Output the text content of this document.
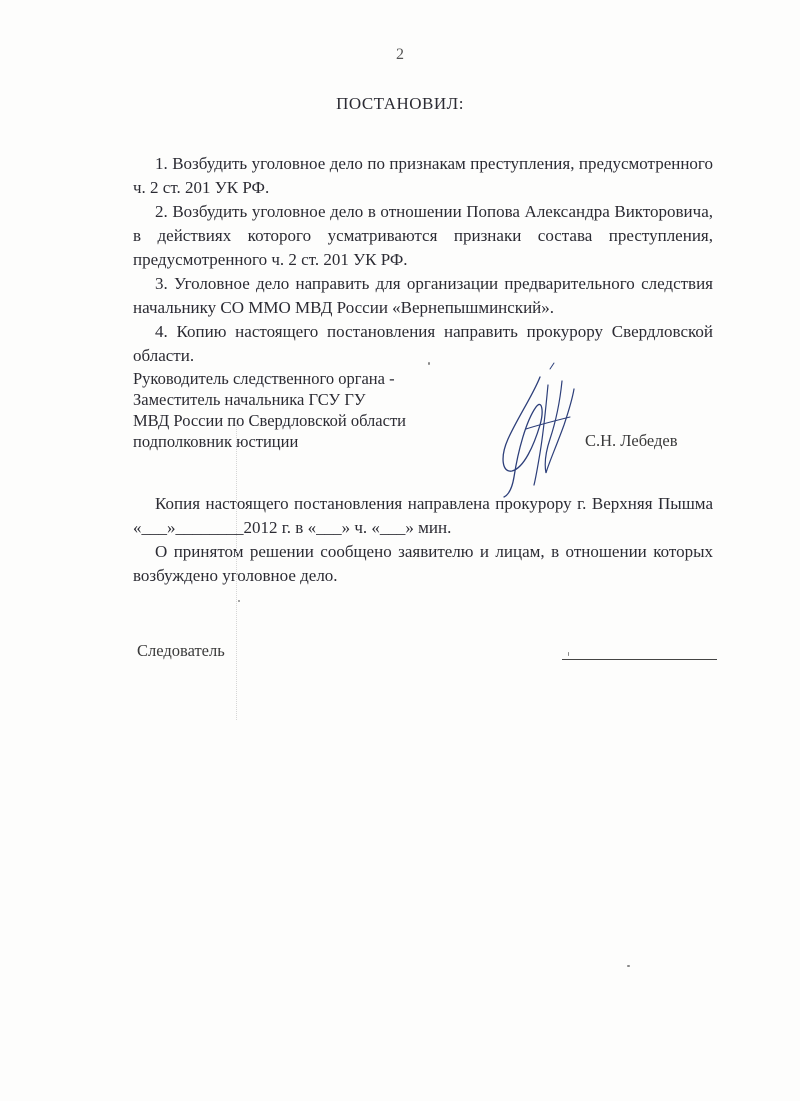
2
ПОСТАНОВИЛ:

1. Возбудить уголовное дело по признакам преступления, предусмотренного ч. 2 ст. 201 УК РФ.

2. Возбудить уголовное дело в отношении Попова Александра Викторовича, в действиях которого усматриваются признаки состава преступления, предусмотренного ч. 2 ст. 201 УК РФ.

3. Уголовное дело направить для организации предварительного следствия начальнику СО ММО МВД России «Вернепышминский».

4. Копию настоящего постановления направить прокурору Свердловской области.

Руководитель следственного органа -
Заместитель начальника ГСУ ГУ
МВД России по Свердловской области
подполковник юстиции	С.Н. Лебедев

Копия настоящего постановления направлена прокурору г. Верхняя Пышма «___»________2012 г. в «___» ч. «___» мин.

О принятом решении сообщено заявителю и лицам, в отношении которых возбуждено уголовное дело.

Следователь
